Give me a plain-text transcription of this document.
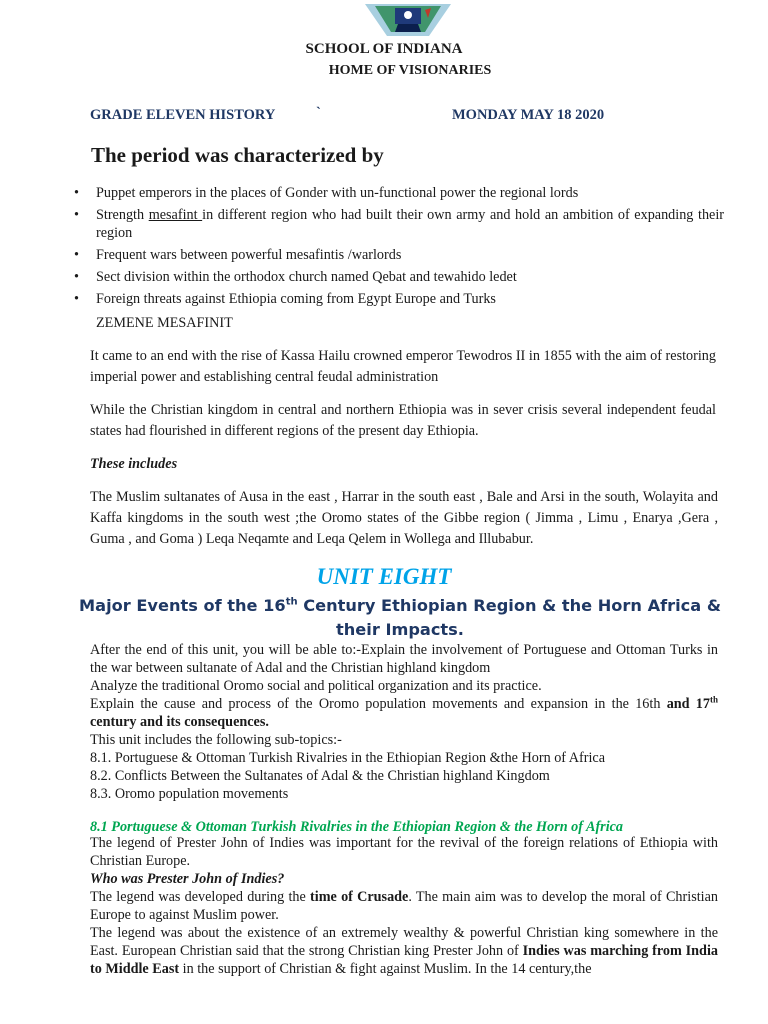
SCHOOL OF INDIANA
HOME OF VISIONARIES
GRADE ELEVEN HISTORY	`	MONDAY MAY 18 2020
The period was characterized by
• Puppet emperors in the places of Gonder with un-functional power the regional lords
• Strength mesafint in different region who had built their own army and hold an ambition of expanding their region
• Frequent wars between powerful mesafintis /warlords
• Sect division within the orthodox church named Qebat and tewahido ledet
• Foreign threats against Ethiopia coming from Egypt Europe and Turks
ZEMENE MESAFINIT

It came to an end with the rise of Kassa Hailu crowned emperor Tewodros II in 1855 with the aim of restoring imperial power and establishing central feudal administration

While the Christian kingdom in central and northern Ethiopia was in sever crisis several independent feudal states had flourished in different regions of the present day Ethiopia.

These includes

The Muslim sultanates of Ausa in the east , Harrar in the south east , Bale and Arsi in the south, Wolayita and Kaffa kingdoms in the south west ;the Oromo states of the Gibbe region ( Jimma , Limu , Enarya ,Gera , Guma , and Goma ) Leqa Neqamte and Leqa Qelem in Wollega and Illubabur.

UNIT EIGHT
Major Events of the 16th Century Ethiopian Region & the Horn Africa & their Impacts.

After the end of this unit, you will be able to:-Explain the involvement of Portuguese and Ottoman Turks in the war between sultanate of Adal and the Christian highland kingdom

Analyze the traditional Oromo social and political organization and its practice.

Explain the cause and process of the Oromo population movements and expansion in the 16th and 17th century and its consequences.

This unit includes the following sub-topics:-

8.1. Portuguese & Ottoman Turkish Rivalries in the Ethiopian Region &the Horn of Africa

8.2. Conflicts Between the Sultanates of Adal & the Christian highland Kingdom

8.3. Oromo population movements

8.1 Portuguese & Ottoman Turkish Rivalries in the Ethiopian Region & the Horn of Africa

The legend of Prester John of Indies was important for the revival of the foreign relations of Ethiopia with Christian Europe.

Who was Prester John of Indies?

The legend was developed during the time of Crusade. The main aim was to develop the moral of Christian Europe to against Muslim power.

The legend was about the existence of an extremely wealthy & powerful Christian king somewhere in the East. European Christian said that the strong Christian king Prester John of Indies was marching from India to Middle East in the support of Christian & fight against Muslim. In the 14 century,the
